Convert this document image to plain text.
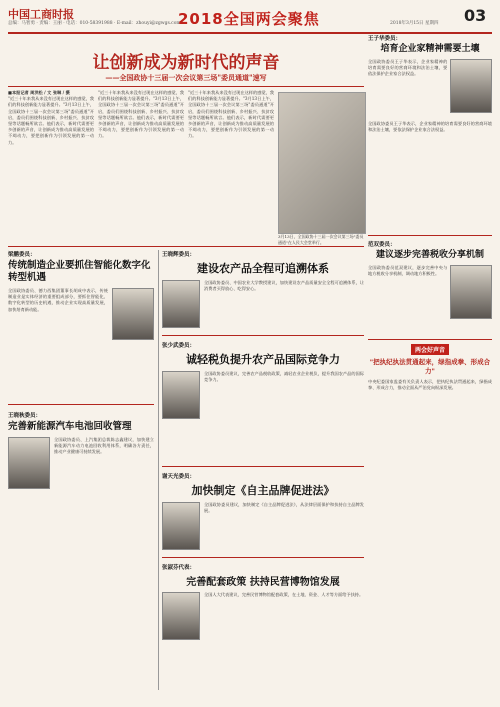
中国工商时报
总编：马智勇 · 责编：王丽 · 电话：010-58391988 · E-mail：zhouyi@zgwgs.com
2018全国两会聚焦	2018年3月15日 星期四 03
让创新成为新时代的声音
——全国政协十三届一次会议第三场"委员通道"速写
■本报记者 周洪松 / 文 张琳 / 摄
"近三十年来我从来没有过现在这样的感觉，我们的科技创新能力显著提升。"3月13日上午，全国政协十三届一次会议第三场"委员通道"开启，委员们围绕科技创新、乡村振兴、扶贫攻坚等话题畅所欲言。他们表示，新时代需要更多创新的声音，让创新成为推动高质量发展的不竭动力，要把创新作为引领发展的第一动力。
"近三十年来我从来没有过现在这样的感觉，我们的科技创新能力显著提升。"3月13日上午，全国政协十三届一次会议第三场"委员通道"开启，委员们围绕科技创新、乡村振兴、扶贫攻坚等话题畅所欲言。他们表示，新时代需要更多创新的声音，让创新成为推动高质量发展的不竭动力，要把创新作为引领发展的第一动力。
"近三十年来我从来没有过现在这样的感觉，我们的科技创新能力显著提升。"3月13日上午，全国政协十三届一次会议第三场"委员通道"开启，委员们围绕科技创新、乡村振兴、扶贫攻坚等话题畅所欲言。他们表示，新时代需要更多创新的声音，让创新成为推动高质量发展的不竭动力，要把创新作为引领发展的第一动力。
3月13日，全国政协十三届一次会议第三场"委员通道"在人民大会堂举行。
梁鹏委员：
传统制造企业要抓住智能化数字化转型机遇
全国政协委员、德力西集团董事长胡成中表示，传统制造业是实体经济的重要组成部分，要抓住智能化、数字化转型的历史机遇，推动企业实现高质量发展，加快培育新动能。
王晓秋委员：
完善新能源汽车电池回收管理
全国政协委员、上汽集团总裁陈志鑫建议，加快建立新能源汽车动力电池回收利用体系，明确各方责任，推动产业健康可持续发展。
王晓辉委员：
建设农产品全程可追溯体系
全国政协委员、中国农业大学教授建议，加快建设农产品质量安全全程可追溯体系，让消费者买得放心、吃得安心。
张少武委员：
诚轻税负提升农产品国际竞争力
全国政协委员建议，完善农产品税收政策，减轻农业企业税负，提升我国农产品的国际竞争力。
谢天光委员：
加快制定《自主品牌促进法》
全国政协委员建议，加快制定《自主品牌促进法》，从法律层面保护和扶持自主品牌发展。
张淑芬代表：
完善配套政策 扶持民营博物馆发展
全国人大代表建议，完善民营博物馆配套政策，在土地、资金、人才等方面给予扶持。
王子华委员：
培育企业家精神需要土壤
全国政协委员王子华表示，企业家精神的培育需要良好的营商环境和法治土壤，要依法保护企业家合法权益。
全国政协委员王子华表示，企业家精神的培育需要良好的营商环境和法治土壤，要依法保护企业家合法权益。
范双委员：
建议逐步完善税收分享机制
全国政协委员范双建议，逐步完善中央与地方税收分享机制，调动地方积极性。
两会好声音
"把执纪执法贯通起来，绿指成拳、形成合力"
中央纪委国家监委有关负责人表示，把执纪执法贯通起来，绿指成拳、形成合力，推动全面从严治党向纵深发展。
